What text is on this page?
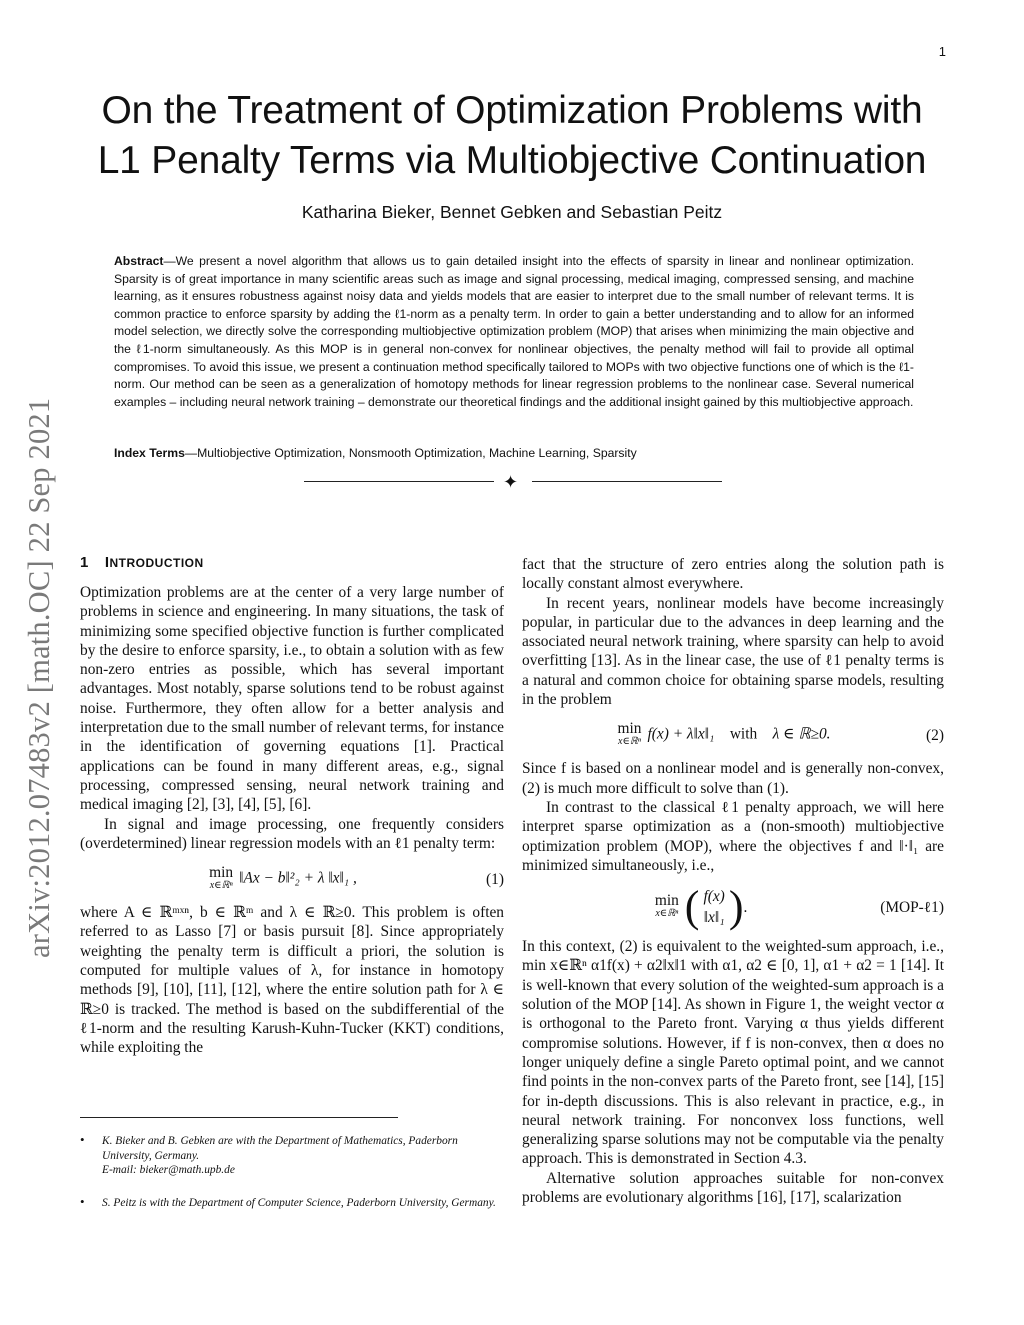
1
On the Treatment of Optimization Problems with
L1 Penalty Terms via Multiobjective Continuation
Katharina Bieker, Bennet Gebken and Sebastian Peitz
Abstract—We present a novel algorithm that allows us to gain detailed insight into the effects of sparsity in linear and nonlinear optimization. Sparsity is of great importance in many scientific areas such as image and signal processing, medical imaging, compressed sensing, and machine learning, as it ensures robustness against noisy data and yields models that are easier to interpret due to the small number of relevant terms. It is common practice to enforce sparsity by adding the ℓ1-norm as a penalty term. In order to gain a better understanding and to allow for an informed model selection, we directly solve the corresponding multiobjective optimization problem (MOP) that arises when minimizing the main objective and the ℓ1-norm simultaneously. As this MOP is in general non-convex for nonlinear objectives, the penalty method will fail to provide all optimal compromises. To avoid this issue, we present a continuation method specifically tailored to MOPs with two objective functions one of which is the ℓ1-norm. Our method can be seen as a generalization of homotopy methods for linear regression problems to the nonlinear case. Several numerical examples – including neural network training – demonstrate our theoretical findings and the additional insight gained by this multiobjective approach.
Index Terms—Multiobjective Optimization, Nonsmooth Optimization, Machine Learning, Sparsity
✦
arXiv:2012.07483v2 [math.OC] 22 Sep 2021 1 INTRODUCTION

Optimization problems are at the center of a very large number of problems in science and engineering. In many situations, the task of minimizing some specified objective function is further complicated by the desire to enforce sparsity, i.e., to obtain a solution with as few non-zero entries as possible, which has several important advantages. Most notably, sparse solutions tend to be robust against noise. Furthermore, they often allow for a better analysis and interpretation due to the small number of relevant terms, for instance in the identification of governing equations [1]. Practical applications can be found in many different areas, e.g., signal processing, compressed sensing, neural network training and medical imaging [2], [3], [4], [5], [6].

In signal and image processing, one frequently considers (overdetermined) linear regression models with an ℓ1 penalty term:

min
x∈ℝⁿ ‖Ax − b‖²₂ + λ ‖x‖₁ ,	(1)

where A ∈ ℝᵐˣⁿ, b ∈ ℝᵐ and λ ∈ ℝ≥0. This problem is often referred to as Lasso [7] or basis pursuit [8]. Since appropriately weighting the penalty term is difficult a priori, the solution is computed for multiple values of λ, for instance in homotopy methods [9], [10], [11], [12], where the entire solution path for λ ∈ ℝ≥0 is tracked. The method is based on the subdifferential of the ℓ1-norm and the resulting Karush-Kuhn-Tucker (KKT) conditions, while exploiting the

• K. Bieker and B. Gebken are with the Department of Mathematics, Paderborn University, Germany.
E-mail: bieker@math.upb.de
• S. Peitz is with the Department of Computer Science, Paderborn University, Germany.

fact that the structure of zero entries along the solution path is locally constant almost everywhere.

In recent years, nonlinear models have become increasingly popular, in particular due to the advances in deep learning and the associated neural network training, where sparsity can help to avoid overfitting [13]. As in the linear case, the use of ℓ1 penalty terms is a natural and common choice for obtaining sparse models, resulting in the problem

min
x∈ℝⁿ f(x) + λ‖x‖₁ with λ ∈ ℝ≥0.	(2)

Since f is based on a nonlinear model and is generally non-convex, (2) is much more difficult to solve than (1).

In contrast to the classical ℓ1 penalty approach, we will here interpret sparse optimization as a (non-smooth) multiobjective optimization problem (MOP), where the objectives f and ‖·‖₁ are minimized simultaneously, i.e.,

min
x∈ℝⁿ ( f(x)
‖x‖₁ ) .	(MOP-ℓ1)

In this context, (2) is equivalent to the weighted-sum approach, i.e., min x∈ℝⁿ α1f(x) + α2‖x‖1 with α1, α2 ∈ [0, 1], α1 + α2 = 1 [14]. It is well-known that every solution of the weighted-sum approach is a solution of the MOP [14]. As shown in Figure 1, the weight vector α is orthogonal to the Pareto front. Varying α thus yields different compromise solutions. However, if f is non-convex, then α does no longer uniquely define a single Pareto optimal point, and we cannot find points in the non-convex parts of the Pareto front, see [14], [15] for in-depth discussions. This is also relevant in practice, e.g., in neural network training. For nonconvex loss functions, well generalizing sparse solutions may not be computable via the penalty approach. This is demonstrated in Section 4.3.

Alternative solution approaches suitable for non-convex problems are evolutionary algorithms [16], [17], scalarization
